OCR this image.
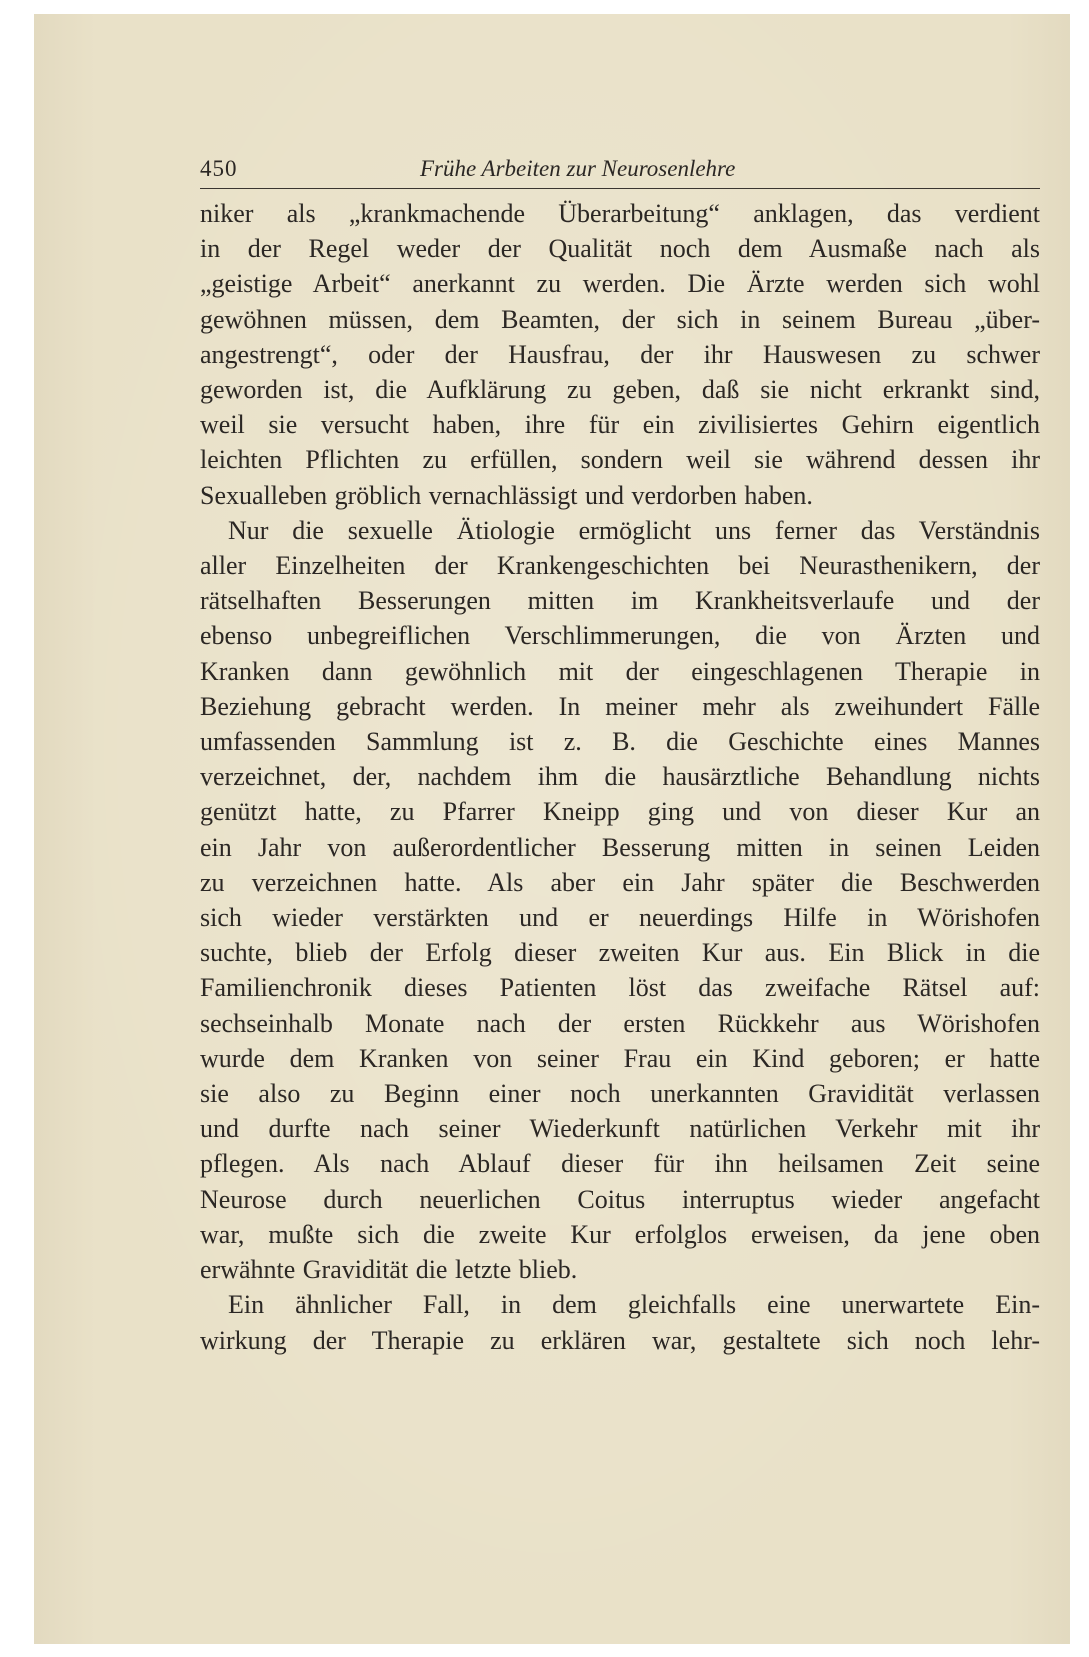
450	Frühe Arbeiten zur Neurosenlehre
niker als „krankmachende Überarbeitung“ anklagen, das verdient
in der Regel weder der Qualität noch dem Ausmaße nach als
„geistige Arbeit“ anerkannt zu werden. Die Ärzte werden sich wohl
gewöhnen müssen, dem Beamten, der sich in seinem Bureau „über-
angestrengt“, oder der Hausfrau, der ihr Hauswesen zu schwer
geworden ist, die Aufklärung zu geben, daß sie nicht erkrankt sind,
weil sie versucht haben, ihre für ein zivilisiertes Gehirn eigentlich
leichten Pflichten zu erfüllen, sondern weil sie während dessen ihr
Sexualleben gröblich vernachlässigt und verdorben haben.
Nur die sexuelle Ätiologie ermöglicht uns ferner das Verständnis
aller Einzelheiten der Krankengeschichten bei Neurasthenikern, der
rätselhaften Besserungen mitten im Krankheitsverlaufe und der
ebenso unbegreiflichen Verschlimmerungen, die von Ärzten und
Kranken dann gewöhnlich mit der eingeschlagenen Therapie in
Beziehung gebracht werden. In meiner mehr als zweihundert Fälle
umfassenden Sammlung ist z. B. die Geschichte eines Mannes
verzeichnet, der, nachdem ihm die hausärztliche Behandlung nichts
genützt hatte, zu Pfarrer Kneipp ging und von dieser Kur an
ein Jahr von außerordentlicher Besserung mitten in seinen Leiden
zu verzeichnen hatte. Als aber ein Jahr später die Beschwerden
sich wieder verstärkten und er neuerdings Hilfe in Wörishofen
suchte, blieb der Erfolg dieser zweiten Kur aus. Ein Blick in die
Familienchronik dieses Patienten löst das zweifache Rätsel auf:
sechseinhalb Monate nach der ersten Rückkehr aus Wörishofen
wurde dem Kranken von seiner Frau ein Kind geboren; er hatte
sie also zu Beginn einer noch unerkannten Gravidität verlassen
und durfte nach seiner Wiederkunft natürlichen Verkehr mit ihr
pflegen. Als nach Ablauf dieser für ihn heilsamen Zeit seine
Neurose durch neuerlichen Coitus interruptus wieder angefacht
war, mußte sich die zweite Kur erfolglos erweisen, da jene oben
erwähnte Gravidität die letzte blieb.
Ein ähnlicher Fall, in dem gleichfalls eine unerwartete Ein-
wirkung der Therapie zu erklären war, gestaltete sich noch lehr-
